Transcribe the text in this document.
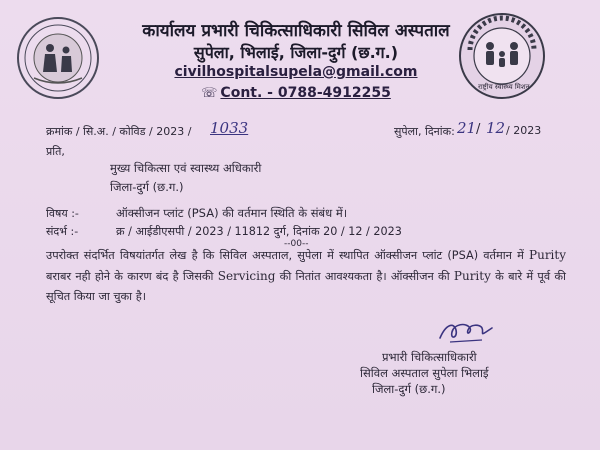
राष्ट्रीय स्वास्थ्य मिशन
कार्यालय प्रभारी चिकित्साधिकारी सिविल अस्पताल
सुपेला, भिलाई, जिला-दुर्ग (छ.ग.)
civilhospitalsupela@gmail.com
☏ Cont. - 0788-4912255
क्रमांक / सि.अ. / कोविड / 2023 / 1033	सुपेला, दिनांक: 21 / 12 / 2023
प्रति,
मुख्य चिकित्सा एवं स्वास्थ्य अधिकारी
जिला-दुर्ग (छ.ग.)
विषय :-	ऑक्सीजन प्लांट (PSA) की वर्तमान स्थिति के संबंध में।
संदर्भ :-	क्र / आईडीएसपी / 2023 / 11812 दुर्ग, दिनांक 20 / 12 / 2023
--00--
उपरोक्त संदर्भित विषयांतर्गत लेख है कि सिविल अस्पताल, सुपेला में स्थापित ऑक्सीजन प्लांट (PSA) वर्तमान में Purity बराबर नही होने के कारण बंद है जिसकी Servicing की नितांत आवश्यकता है। ऑक्सीजन की Purity के बारे में पूर्व की सूचित किया जा चुका है।
प्रभारी चिकित्साधिकारी
सिविल अस्पताल सुपेला भिलाई
जिला-दुर्ग (छ.ग.)
